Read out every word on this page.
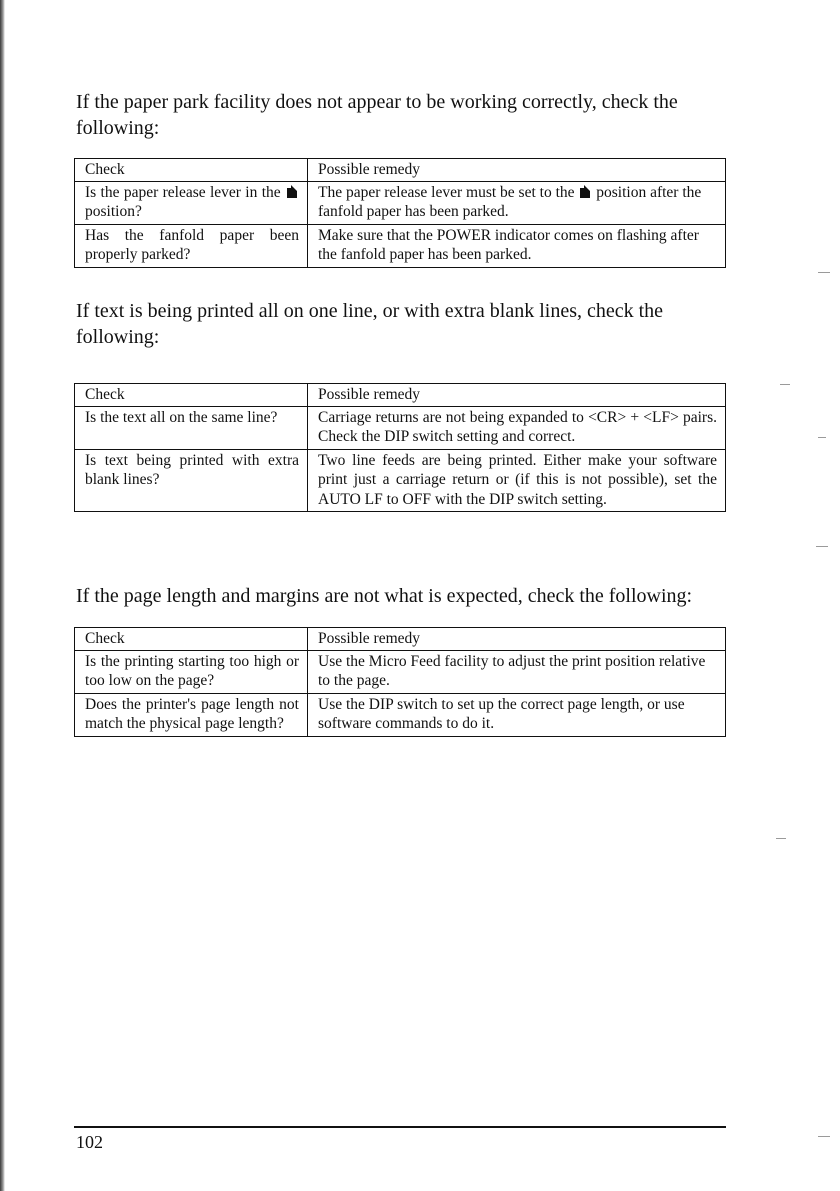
If the paper park facility does not appear to be working correctly, check the following:

Check	Possible remedy
Is the paper release lever in the  position?	The paper release lever must be set to the position after the fanfold paper has been parked.
Has the fanfold paper been properly parked?	Make sure that the POWER indicator comes on flashing after the fanfold paper has been parked.

If text is being printed all on one line, or with extra blank lines, check the following:

Check	Possible remedy
Is the text all on the same line?	Carriage returns are not being expanded to <CR> + <LF> pairs. Check the DIP switch setting and correct.
Is text being printed with extra blank lines?	Two line feeds are being printed. Either make your software print just a carriage return or (if this is not possible), set the AUTO LF to OFF with the DIP switch setting.

If the page length and margins are not what is expected, check the following:

Check	Possible remedy
Is the printing starting too high or too low on the page?	Use the Micro Feed facility to adjust the print position relative to the page.
Does the printer's page length not match the physical page length?	Use the DIP switch to set up the correct page length, or use software commands to do it.
102
